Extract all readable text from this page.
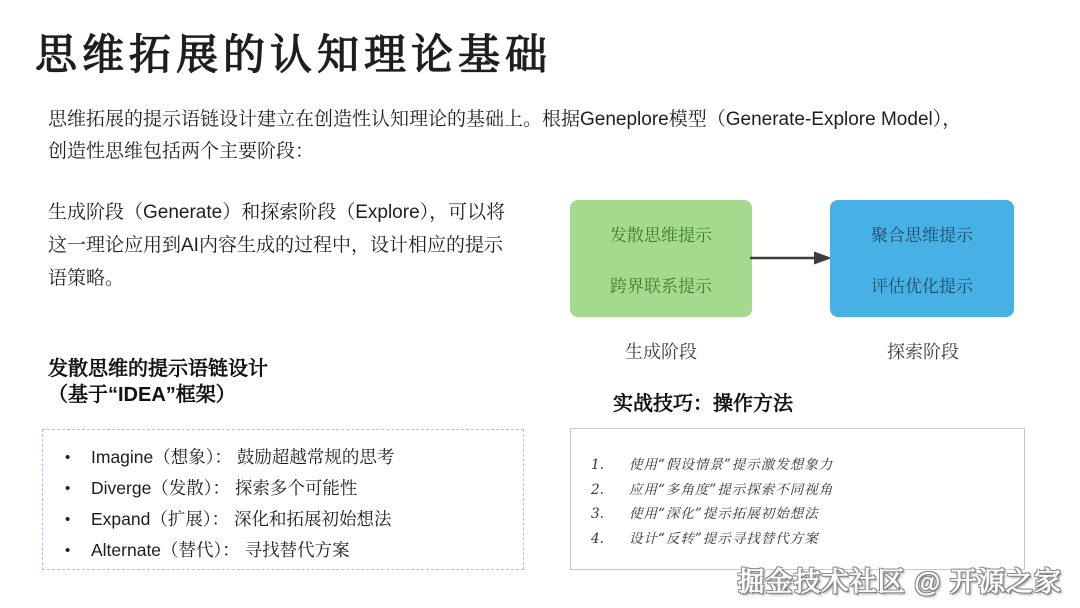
思维拓展的认知理论基础
思维拓展的提示语链设计建立在创造性认知理论的基础上。根据Geneplore模型（Generate-Explore Model），
创造性思维包括两个主要阶段：
生成阶段（Generate）和探索阶段（Explore），可以将这一理论应用到AI内容生成的过程中，设计相应的提示语策略。
发散思维提示
跨界联系提示
聚合思维提示
评估优化提示
生成阶段	探索阶段
发散思维的提示语链设计
（基于“IDEA”框架）
•	Imagine（想象）： 鼓励超越常规的思考
•	Diverge（发散）： 探索多个可能性
•	Expand（扩展）： 深化和拓展初始想法
•	Alternate（替代）： 寻找替代方案
实战技巧：操作方法
1.	使用“假设情景”提示激发想象力
2.	应用“多角度”提示探索不同视角
3.	使用“深化”提示拓展初始想法
4.	设计“反转”提示寻找替代方案
掘金技术社区 @ 开源之家
